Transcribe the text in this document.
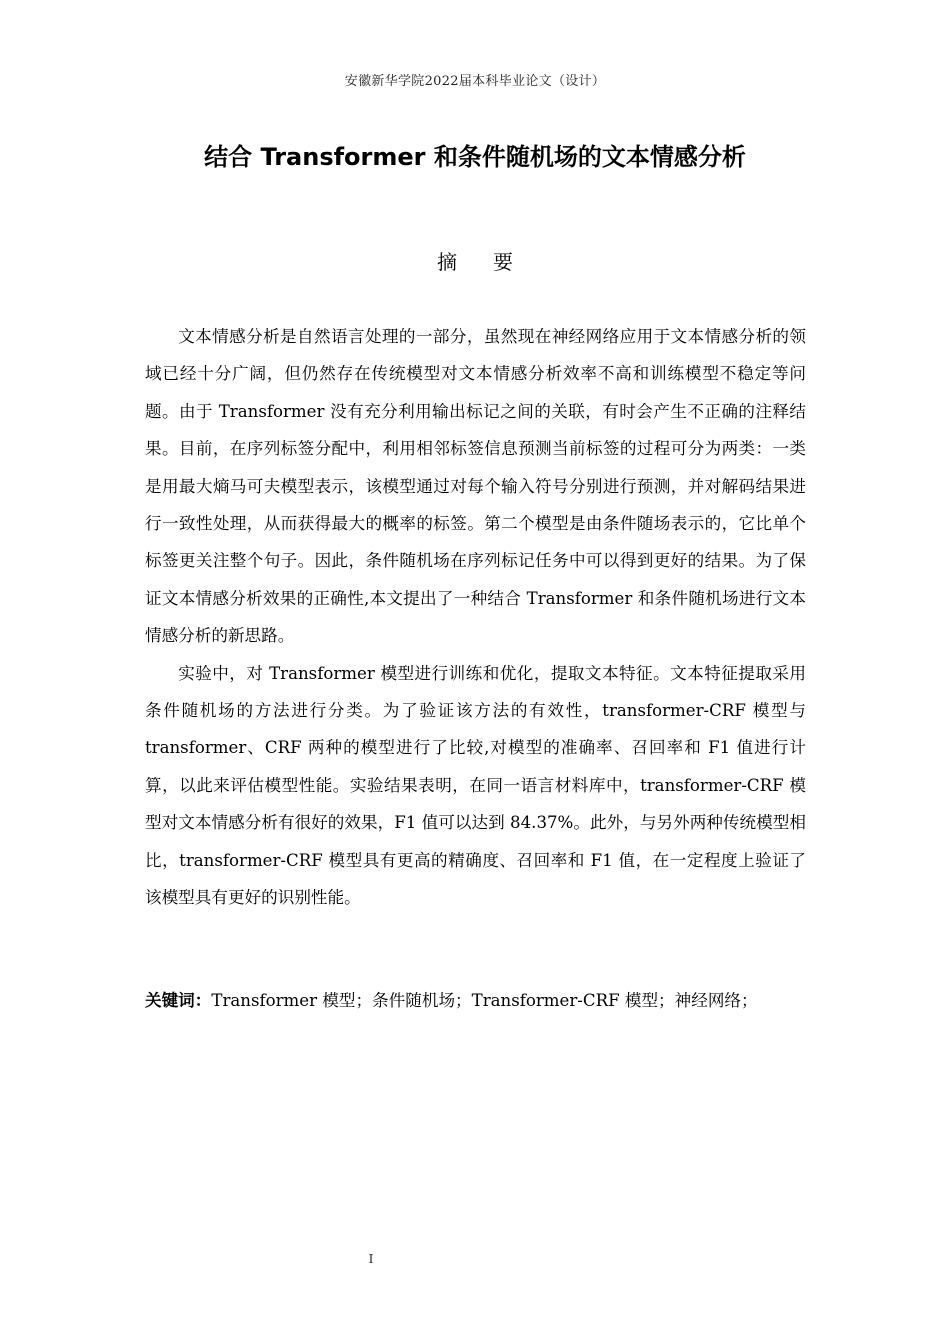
安徽新华学院2022届本科毕业论文（设计）
结合 Transformer 和条件随机场的文本情感分析
摘要

文本情感分析是自然语言处理的一部分，虽然现在神经网络应用于文本情感分析的领域已经十分广阔，但仍然存在传统模型对文本情感分析效率不高和训练模型不稳定等问题。由于 Transformer 没有充分利用输出标记之间的关联，有时会产生不正确的注释结果。目前，在序列标签分配中，利用相邻标签信息预测当前标签的过程可分为两类：一类是用最大熵马可夫模型表示，该模型通过对每个输入符号分别进行预测，并对解码结果进行一致性处理，从而获得最大的概率的标签。第二个模型是由条件随场表示的，它比单个标签更关注整个句子。因此，条件随机场在序列标记任务中可以得到更好的结果。为了保证文本情感分析效果的正确性,本文提出了一种结合 Transformer 和条件随机场进行文本情感分析的新思路。

实验中，对 Transformer 模型进行训练和优化，提取文本特征。文本特征提取采用条件随机场的方法进行分类。为了验证该方法的有效性，transformer-CRF 模型与 transformer、CRF 两种的模型进行了比较,对模型的准确率、召回率和 F1 值进行计算，以此来评估模型性能。实验结果表明，在同一语言材料库中，transformer-CRF 模型对文本情感分析有很好的效果，F1 值可以达到 84.37%。此外，与另外两种传统模型相比，transformer-CRF 模型具有更高的精确度、召回率和 F1 值，在一定程度上验证了该模型具有更好的识别性能。

关键词：Transformer 模型；条件随机场；Transformer-CRF 模型；神经网络；
I
